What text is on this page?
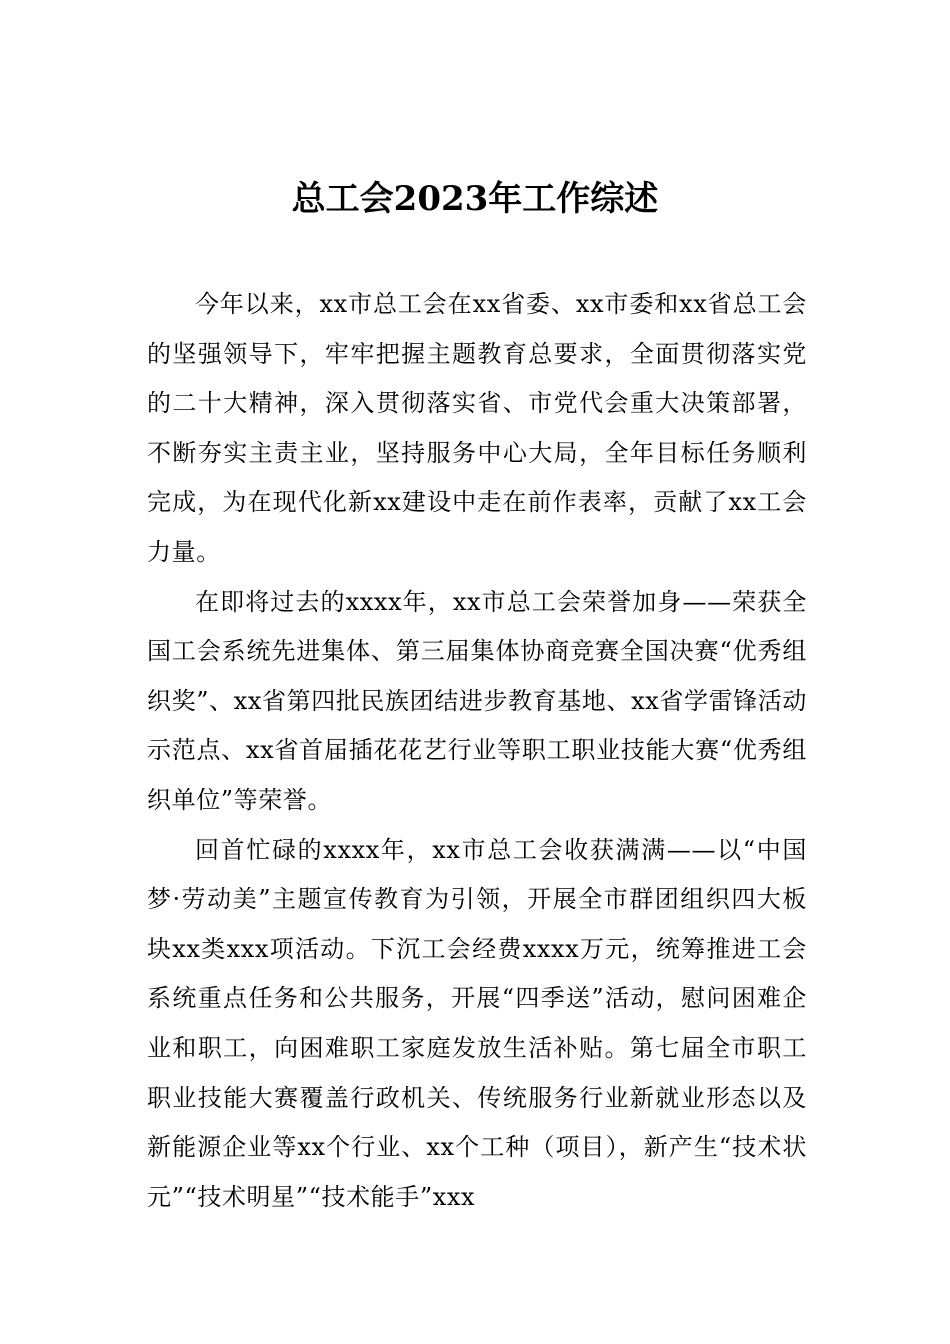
总工会2023年工作综述

今年以来，xx市总工会在xx省委、xx市委和xx省总工会的坚强领导下，牢牢把握主题教育总要求，全面贯彻落实党的二十大精神，深入贯彻落实省、市党代会重大决策部署，不断夯实主责主业，坚持服务中心大局，全年目标任务顺利完成，为在现代化新xx建设中走在前作表率，贡献了xx工会力量。

在即将过去的xxxx年，xx市总工会荣誉加身——荣获全国工会系统先进集体、第三届集体协商竞赛全国决赛“优秀组织奖”、xx省第四批民族团结进步教育基地、xx省学雷锋活动示范点、xx省首届插花花艺行业等职工职业技能大赛“优秀组织单位”等荣誉。

回首忙碌的xxxx年，xx市总工会收获满满——以“中国梦·劳动美”主题宣传教育为引领，开展全市群团组织四大板块xx类xxx项活动。下沉工会经费xxxx万元，统筹推进工会系统重点任务和公共服务，开展“四季送”活动，慰问困难企业和职工，向困难职工家庭发放生活补贴。第七届全市职工职业技能大赛覆盖行政机关、传统服务行业新就业形态以及新能源企业等xx个行业、xx个工种（项目），新产生“技术状元”“技术明星”“技术能手”xxx
